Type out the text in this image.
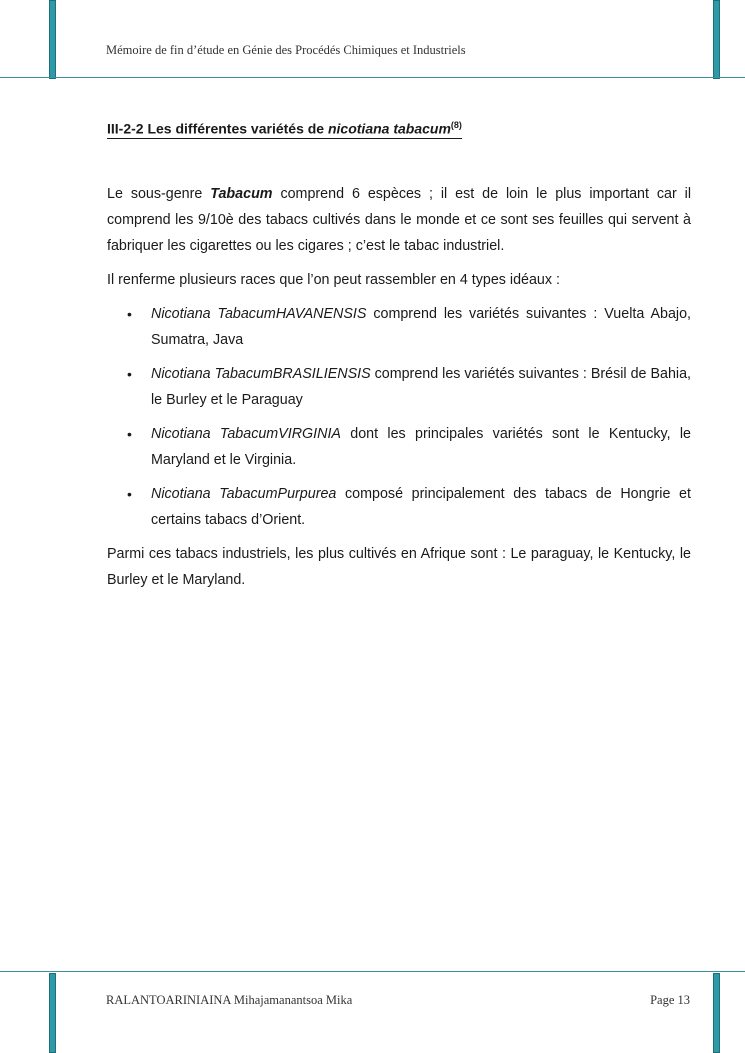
Mémoire de fin d’étude en Génie des Procédés Chimiques et Industriels
III-2-2 Les différentes variétés de nicotiana tabacum$^{(8)}$

Le sous-genre Tabacum comprend 6 espèces ; il est de loin le plus important car il comprend les 9/10è des tabacs cultivés dans le monde et ce sont ses feuilles qui servent à fabriquer les cigarettes ou les cigares ; c’est le tabac industriel.

Il renferme plusieurs races que l’on peut rassembler en 4 types idéaux :

• Nicotiana TabacumHAVANENSIS comprend les variétés suivantes : Vuelta Abajo, Sumatra, Java
• Nicotiana TabacumBRASILIENSIS comprend les variétés suivantes : Brésil de Bahia, le Burley et le Paraguay
• Nicotiana TabacumVIRGINIA dont les principales variétés sont le Kentucky, le Maryland et le Virginia.
• Nicotiana TabacumPurpurea composé principalement des tabacs de Hongrie et certains tabacs d’Orient.

Parmi ces tabacs industriels, les plus cultivés en Afrique sont : Le paraguay, le Kentucky, le Burley et le Maryland.

RALANTOARINIAINA Mihajamanantsoa Mika	Page 13
